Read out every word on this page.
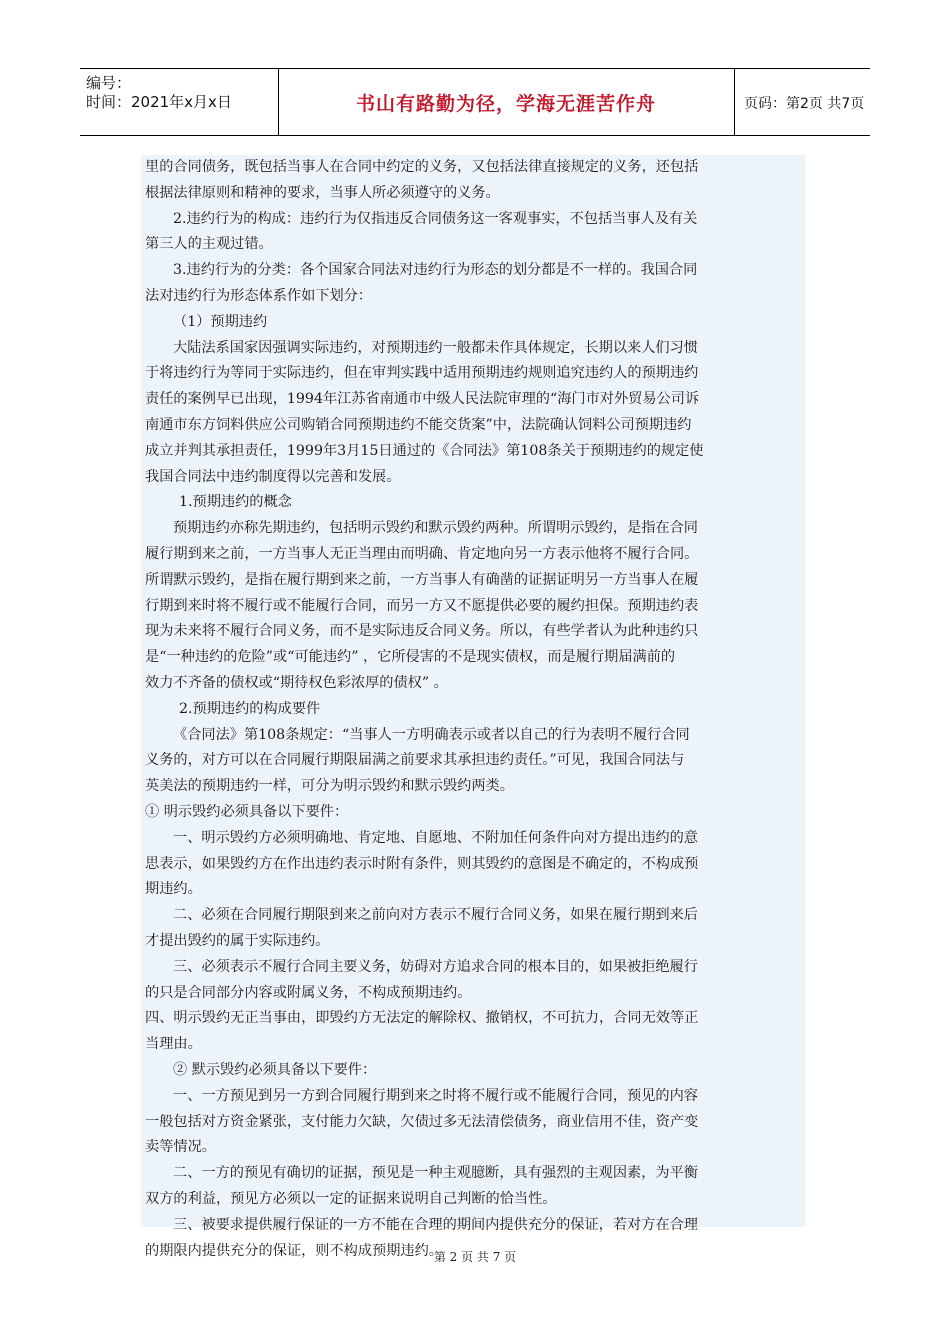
编号：
时间：2021年x月x日	书山有路勤为径，学海无涯苦作舟	页码：第2页 共7页
里的合同债务，既包括当事人在合同中约定的义务，又包括法律直接规定的义务，还包括
根据法律原则和精神的要求，当事人所必须遵守的义务。
2.违约行为的构成：违约行为仅指违反合同债务这一客观事实，不包括当事人及有关
第三人的主观过错。
3.违约行为的分类：各个国家合同法对违约行为形态的划分都是不一样的。我国合同
法对违约行为形态体系作如下划分：
（1）预期违约
大陆法系国家因强调实际违约，对预期违约一般都未作具体规定，长期以来人们习惯
于将违约行为等同于实际违约，但在审判实践中适用预期违约规则追究违约人的预期违约
责任的案例早已出现，1994年江苏省南通市中级人民法院审理的“海门市对外贸易公司诉
南通市东方饲料供应公司购销合同预期违约不能交货案”中，法院确认饲料公司预期违约
成立并判其承担责任，1999年3月15日通过的《合同法》第108条关于预期违约的规定使
我国合同法中违约制度得以完善和发展。
1.预期违约的概念
预期违约亦称先期违约，包括明示毁约和默示毁约两种。所谓明示毁约，是指在合同
履行期到来之前，一方当事人无正当理由而明确、肯定地向另一方表示他将不履行合同。
所谓默示毁约，是指在履行期到来之前，一方当事人有确凿的证据证明另一方当事人在履
行期到来时将不履行或不能履行合同，而另一方又不愿提供必要的履约担保。预期违约表
现为未来将不履行合同义务，而不是实际违反合同义务。所以，有些学者认为此种违约只
是“一种违约的危险”或“可能违约” ，它所侵害的不是现实债权，而是履行期届满前的
效力不齐备的债权或“期待权色彩浓厚的债权” 。
2.预期违约的构成要件
《合同法》第108条规定：“当事人一方明确表示或者以自己的行为表明不履行合同
义务的，对方可以在合同履行期限届满之前要求其承担违约责任。”可见，我国合同法与
英美法的预期违约一样，可分为明示毁约和默示毁约两类。
① 明示毁约必须具备以下要件：
一、明示毁约方必须明确地、肯定地、自愿地、不附加任何条件向对方提出违约的意
思表示，如果毁约方在作出违约表示时附有条件，则其毁约的意图是不确定的，不构成预
期违约。
二、必须在合同履行期限到来之前向对方表示不履行合同义务，如果在履行期到来后
才提出毁约的属于实际违约。
三、必须表示不履行合同主要义务，妨碍对方追求合同的根本目的，如果被拒绝履行
的只是合同部分内容或附属义务，不构成预期违约。
四、明示毁约无正当事由，即毁约方无法定的解除权、撤销权，不可抗力，合同无效等正
当理由。
② 默示毁约必须具备以下要件：
一、一方预见到另一方到合同履行期到来之时将不履行或不能履行合同，预见的内容
一般包括对方资金紧张，支付能力欠缺，欠债过多无法清偿债务，商业信用不佳，资产变
卖等情况。
二、一方的预见有确切的证据，预见是一种主观臆断，具有强烈的主观因素，为平衡
双方的利益，预见方必须以一定的证据来说明自己判断的恰当性。
三、被要求提供履行保证的一方不能在合理的期间内提供充分的保证，若对方在合理
的期限内提供充分的保证，则不构成预期违约。
第 2 页 共 7 页
